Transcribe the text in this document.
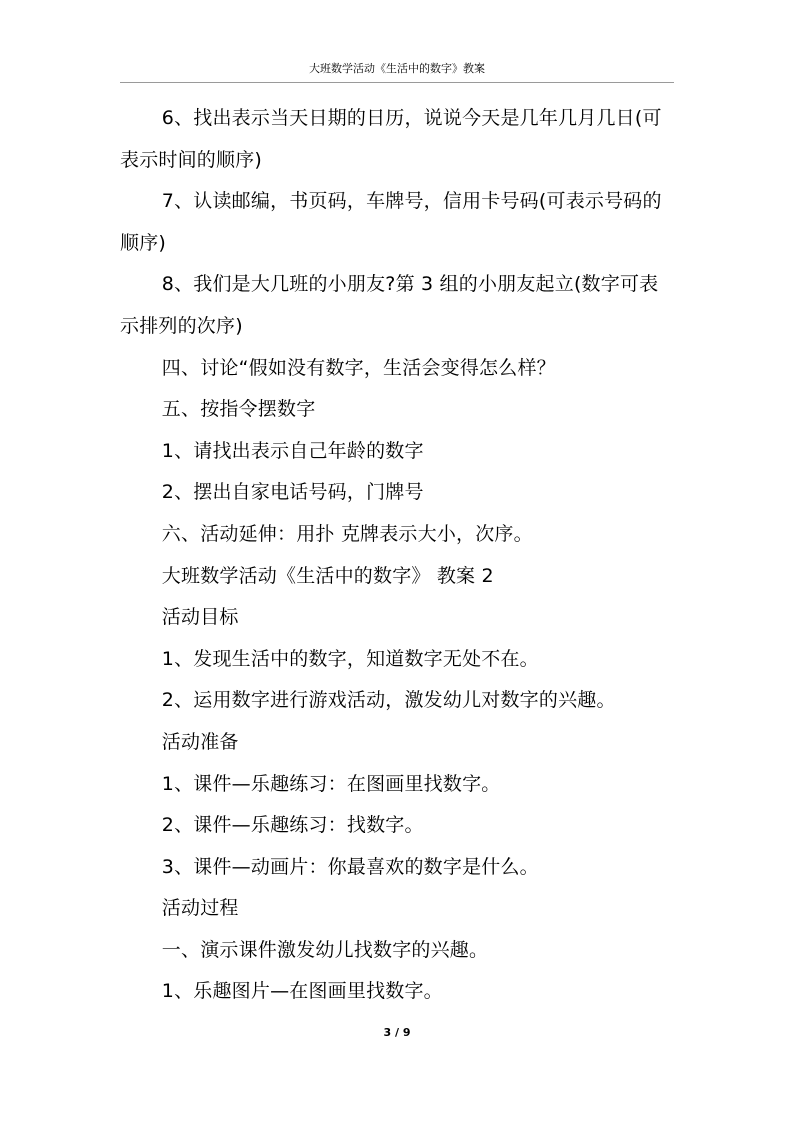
大班数学活动《生活中的数字》教案

6、找出表示当天日期的日历，说说今天是几年几月几日(可表示时间的顺序)

7、认读邮编，书页码，车牌号，信用卡号码(可表示号码的顺序)

8、我们是大几班的小朋友?第 3 组的小朋友起立(数字可表示排列的次序)

四、讨论“假如没有数字，生活会变得怎么样？

五、按指令摆数字

1、请找出表示自己年龄的数字

2、摆出自家电话号码，门牌号

六、活动延伸：用扑 克牌表示大小，次序。

大班数学活动《生活中的数字》 教案 2

活动目标

1、发现生活中的数字，知道数字无处不在。

2、运用数字进行游戏活动，激发幼儿对数字的兴趣。

活动准备

1、课件—乐趣练习：在图画里找数字。

2、课件—乐趣练习：找数字。

3、课件—动画片：你最喜欢的数字是什么。

活动过程

一、演示课件激发幼儿找数字的兴趣。

1、乐趣图片—在图画里找数字。

3 / 9
